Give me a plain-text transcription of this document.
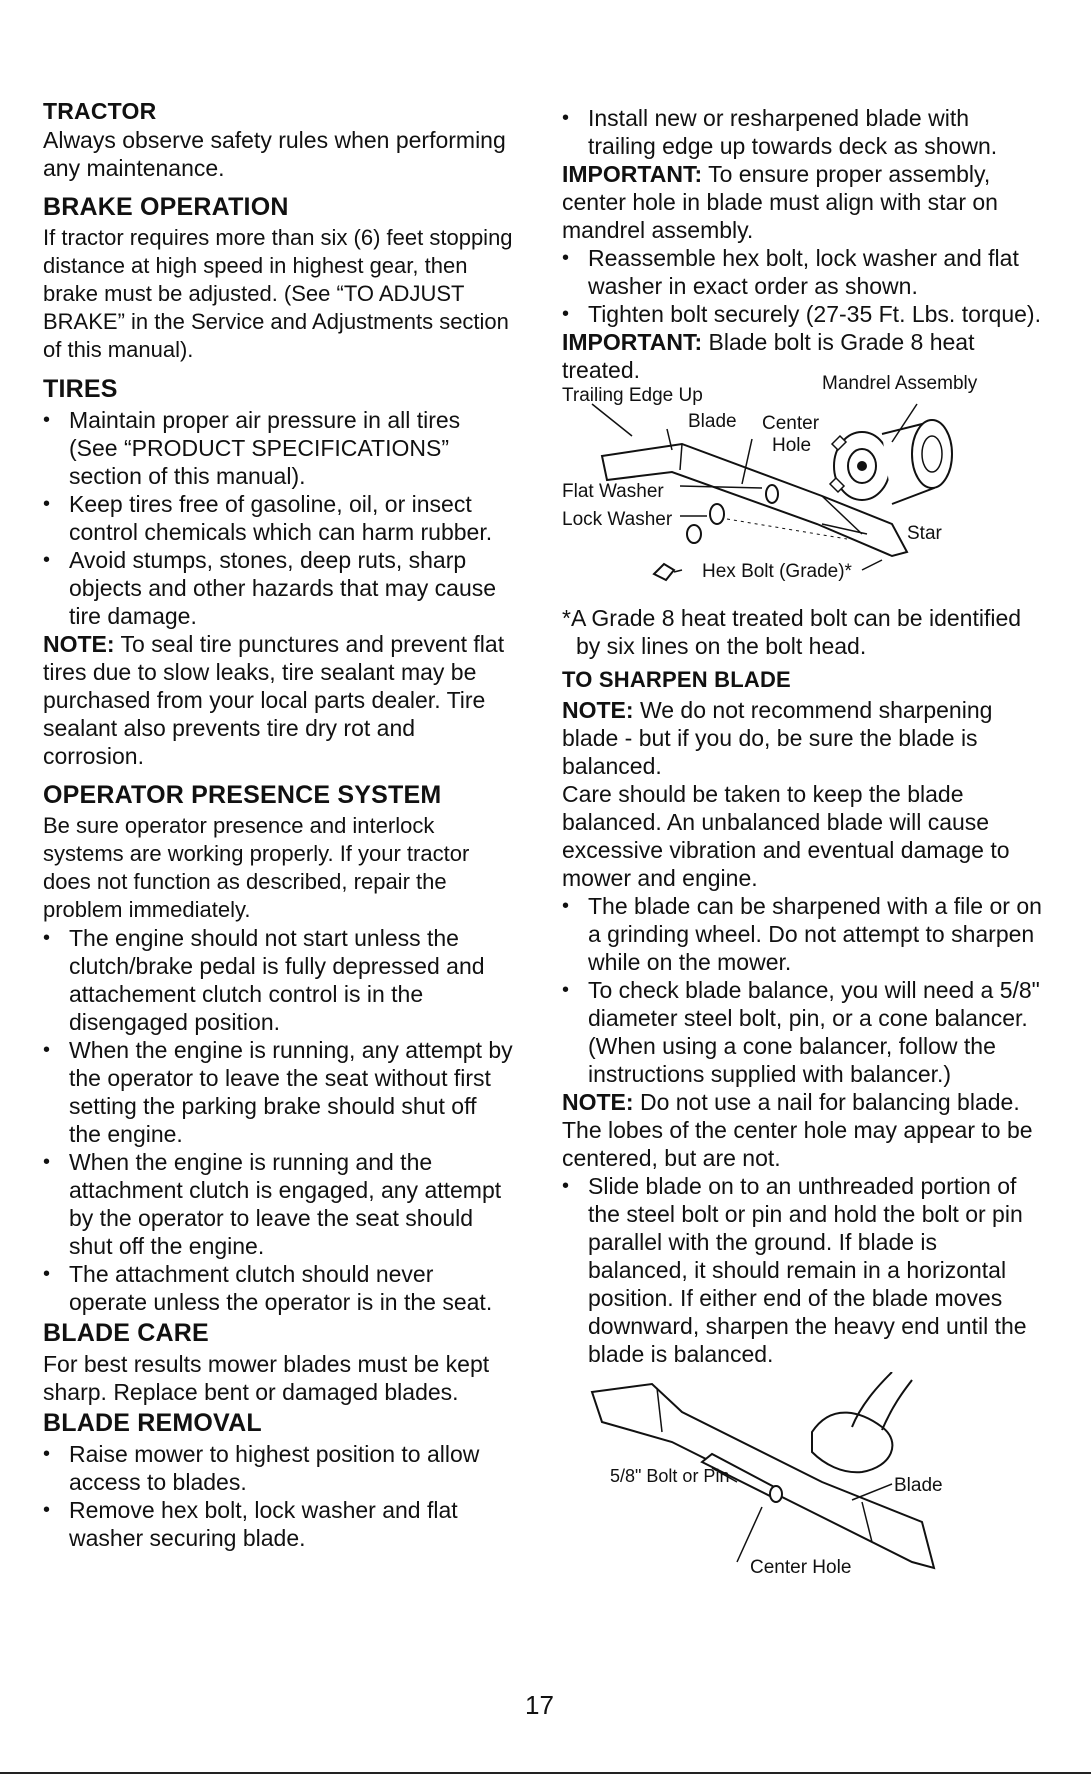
TRACTOR

Always observe safety rules when performing any maintenance.

BRAKE OPERATION

If tractor requires more than six (6) feet stopping distance at high speed in highest gear, then brake must be adjusted. (See “TO ADJUST BRAKE” in the Service and Adjustments section of this manual).

TIRES
• Maintain proper air pressure in all tires (See “PRODUCT SPECIFICATIONS” section of this manual).
• Keep tires free of gasoline, oil, or insect control chemicals which can harm rubber.
• Avoid stumps, stones, deep ruts, sharp objects and other hazards that may cause tire damage.

NOTE: To seal tire punctures and prevent flat tires due to slow leaks, tire sealant may be purchased from your local parts dealer. Tire sealant also prevents tire dry rot and corrosion.

OPERATOR PRESENCE SYSTEM

Be sure operator presence and interlock systems are working properly. If your tractor does not function as described, repair the problem immediately.

• The engine should not start unless the clutch/brake pedal is fully depressed and attachement clutch control is in the disengaged position.
• When the engine is running, any attempt by the operator to leave the seat without first setting the parking brake should shut off the engine.
• When the engine is running and the attachment clutch is engaged, any attempt by the operator to leave the seat should shut off the engine.
• The attachment clutch should never operate unless the operator is in the seat.
BLADE CARE

For best results mower blades must be kept sharp. Replace bent or damaged blades.

BLADE REMOVAL
• Raise mower to highest position to allow access to blades.
• Remove hex bolt, lock washer and flat washer securing blade.
• Install new or resharpened blade with trailing edge up towards deck as shown.

IMPORTANT: To ensure proper assembly, center hole in blade must align with star on mandrel assembly.

• Reassemble hex bolt, lock washer and flat washer in exact order as shown.
• Tighten bolt securely (27-35 Ft. Lbs. torque).

IMPORTANT: Blade bolt is Grade 8 heat treated.

Trailing Edge Up
Mandrel Assembly
Blade Center
Hole
Flat Washer
Lock Washer
Star
Hex Bolt (Grade)*

*A Grade 8 heat treated bolt can be identified
by six lines on the bolt head.

TO SHARPEN BLADE

NOTE: We do not recommend sharpening blade - but if you do, be sure the blade is balanced.

Care should be taken to keep the blade balanced. An unbalanced blade will cause excessive vibration and eventual damage to mower and engine.

• The blade can be sharpened with a file or on a grinding wheel. Do not attempt to sharpen while on the mower.
• To check blade balance, you will need a 5/8" diameter steel bolt, pin, or a cone balancer. (When using a cone balancer, follow the instructions supplied with balancer.)

NOTE: Do not use a nail for balancing blade. The lobes of the center hole may appear to be centered, but are not.

• Slide blade on to an unthreaded portion of the steel bolt or pin and hold the bolt or pin parallel with the ground. If blade is balanced, it should remain in a horizontal position. If either end of the blade moves downward, sharpen the heavy end until the blade is balanced.
5/8" Bolt or Pin	Blade
Center Hole
17
